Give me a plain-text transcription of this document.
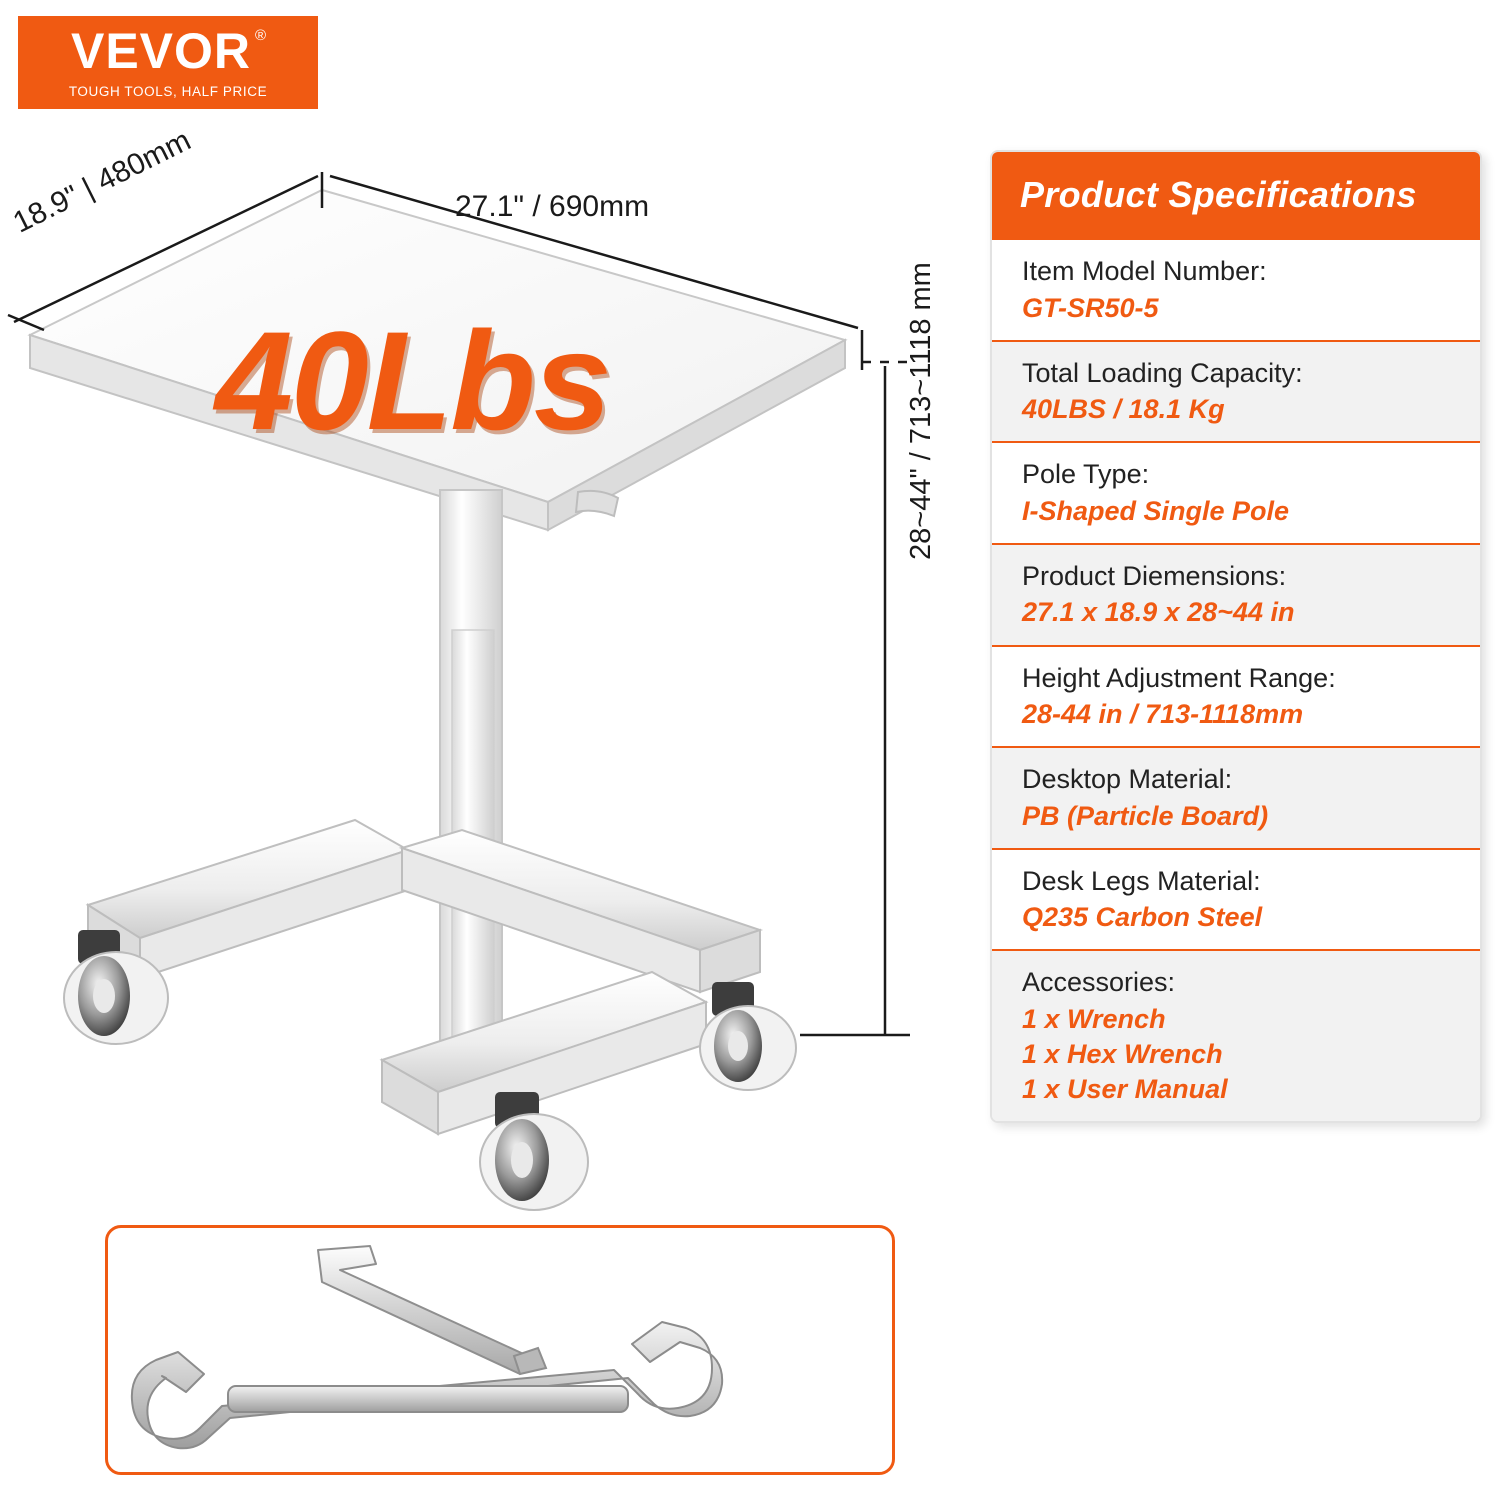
VEVOR ®
TOUGH TOOLS, HALF PRICE
18.9" | 480mm	27.1" / 690mm
28~44" / 713~1118 mm
40Lbs
Product Specifications
Item Model Number:
GT-SR50-5
Total Loading Capacity:
40LBS / 18.1 Kg
Pole Type:
I-Shaped Single Pole
Product Diemensions:
27.1 x 18.9 x 28~44 in
Height Adjustment Range:
28-44 in / 713-1118mm
Desktop Material:
PB (Particle Board)
Desk Legs Material:
Q235 Carbon Steel
Accessories:
1 x Wrench
1 x Hex Wrench
1 x User Manual
